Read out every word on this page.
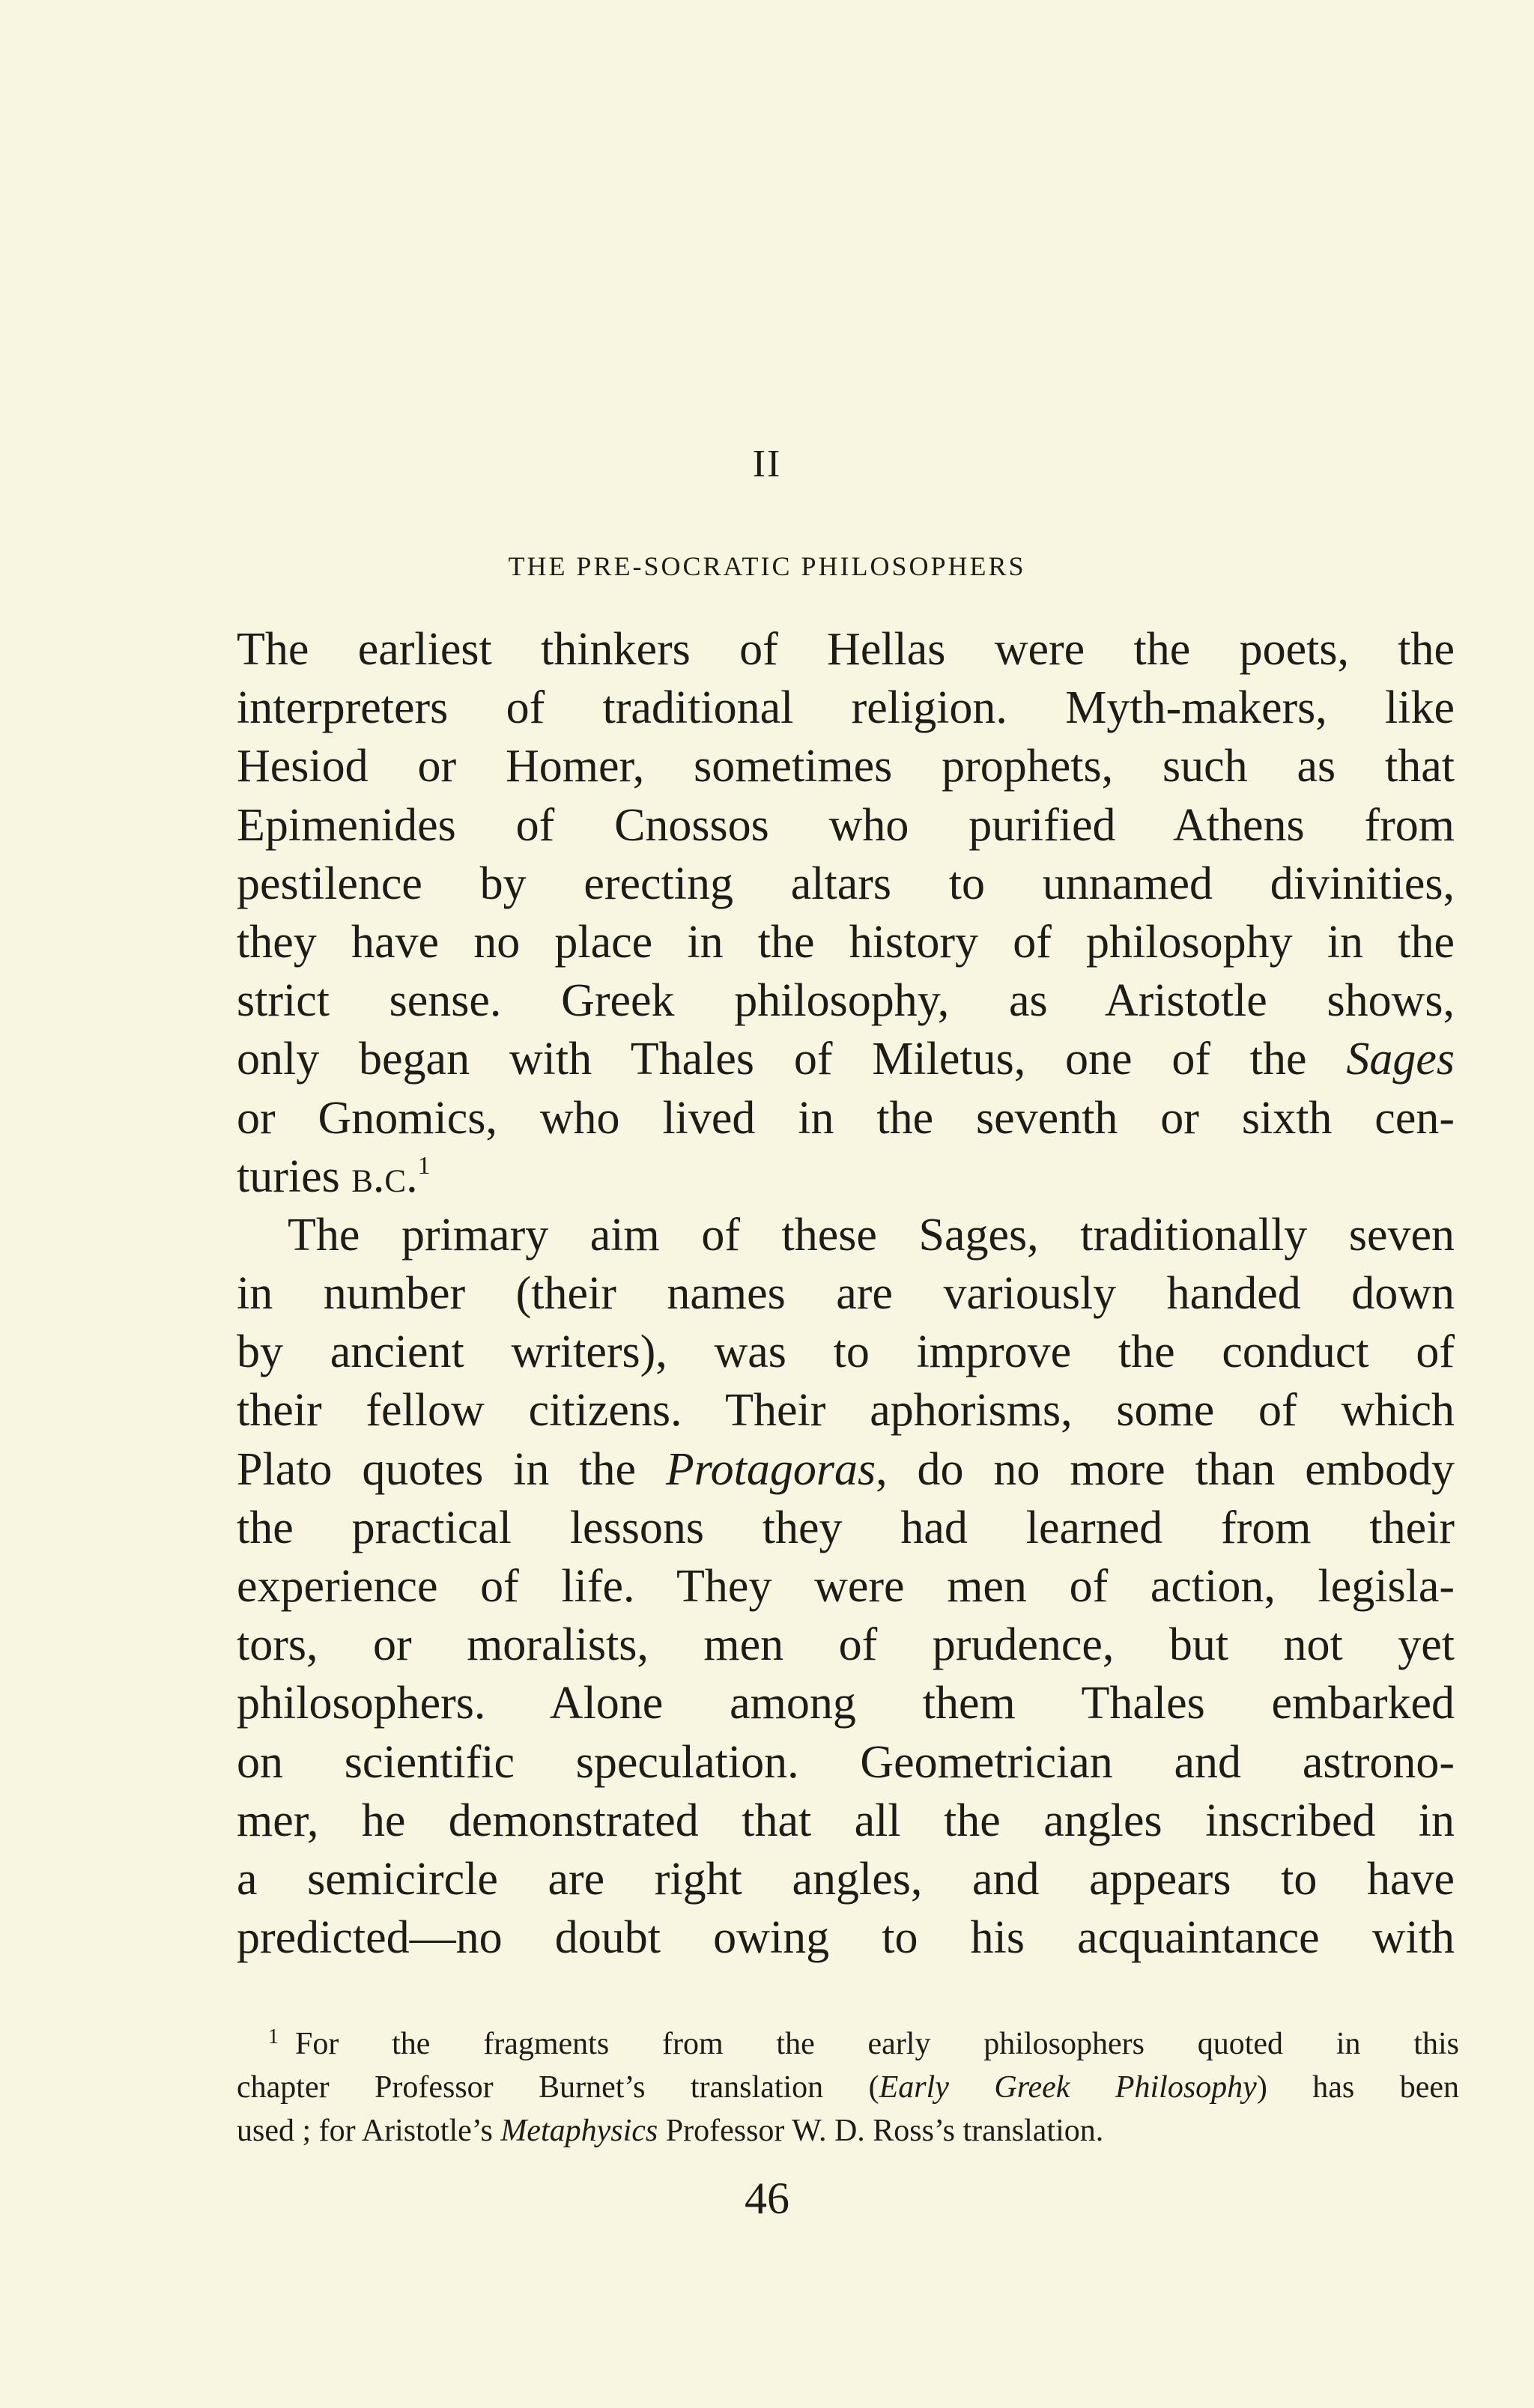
II
THE PRE-SOCRATIC PHILOSOPHERS
The earliest thinkers of Hellas were the poets, the
interpreters of traditional religion. Myth-makers, like
Hesiod or Homer, sometimes prophets, such as that
Epimenides of Cnossos who purified Athens from
pestilence by erecting altars to unnamed divinities,
they have no place in the history of philosophy in the
strict sense. Greek philosophy, as Aristotle shows,
only began with Thales of Miletus, one of the Sages
or Gnomics, who lived in the seventh or sixth cen-
turies b.c.$^1$
The primary aim of these Sages, traditionally seven
in number (their names are variously handed down
by ancient writers), was to improve the conduct of
their fellow citizens. Their aphorisms, some of which
Plato quotes in the Protagoras, do no more than embody
the practical lessons they had learned from their
experience of life. They were men of action, legisla-
tors, or moralists, men of prudence, but not yet
philosophers. Alone among them Thales embarked
on scientific speculation. Geometrician and astrono-
mer, he demonstrated that all the angles inscribed in
a semicircle are right angles, and appears to have
predicted—no doubt owing to his acquaintance with
$^1$ For the fragments from the early philosophers quoted in this
chapter Professor Burnet’s translation (Early Greek Philosophy) has been
used ; for Aristotle’s Metaphysics Professor W. D. Ross’s translation.
46
